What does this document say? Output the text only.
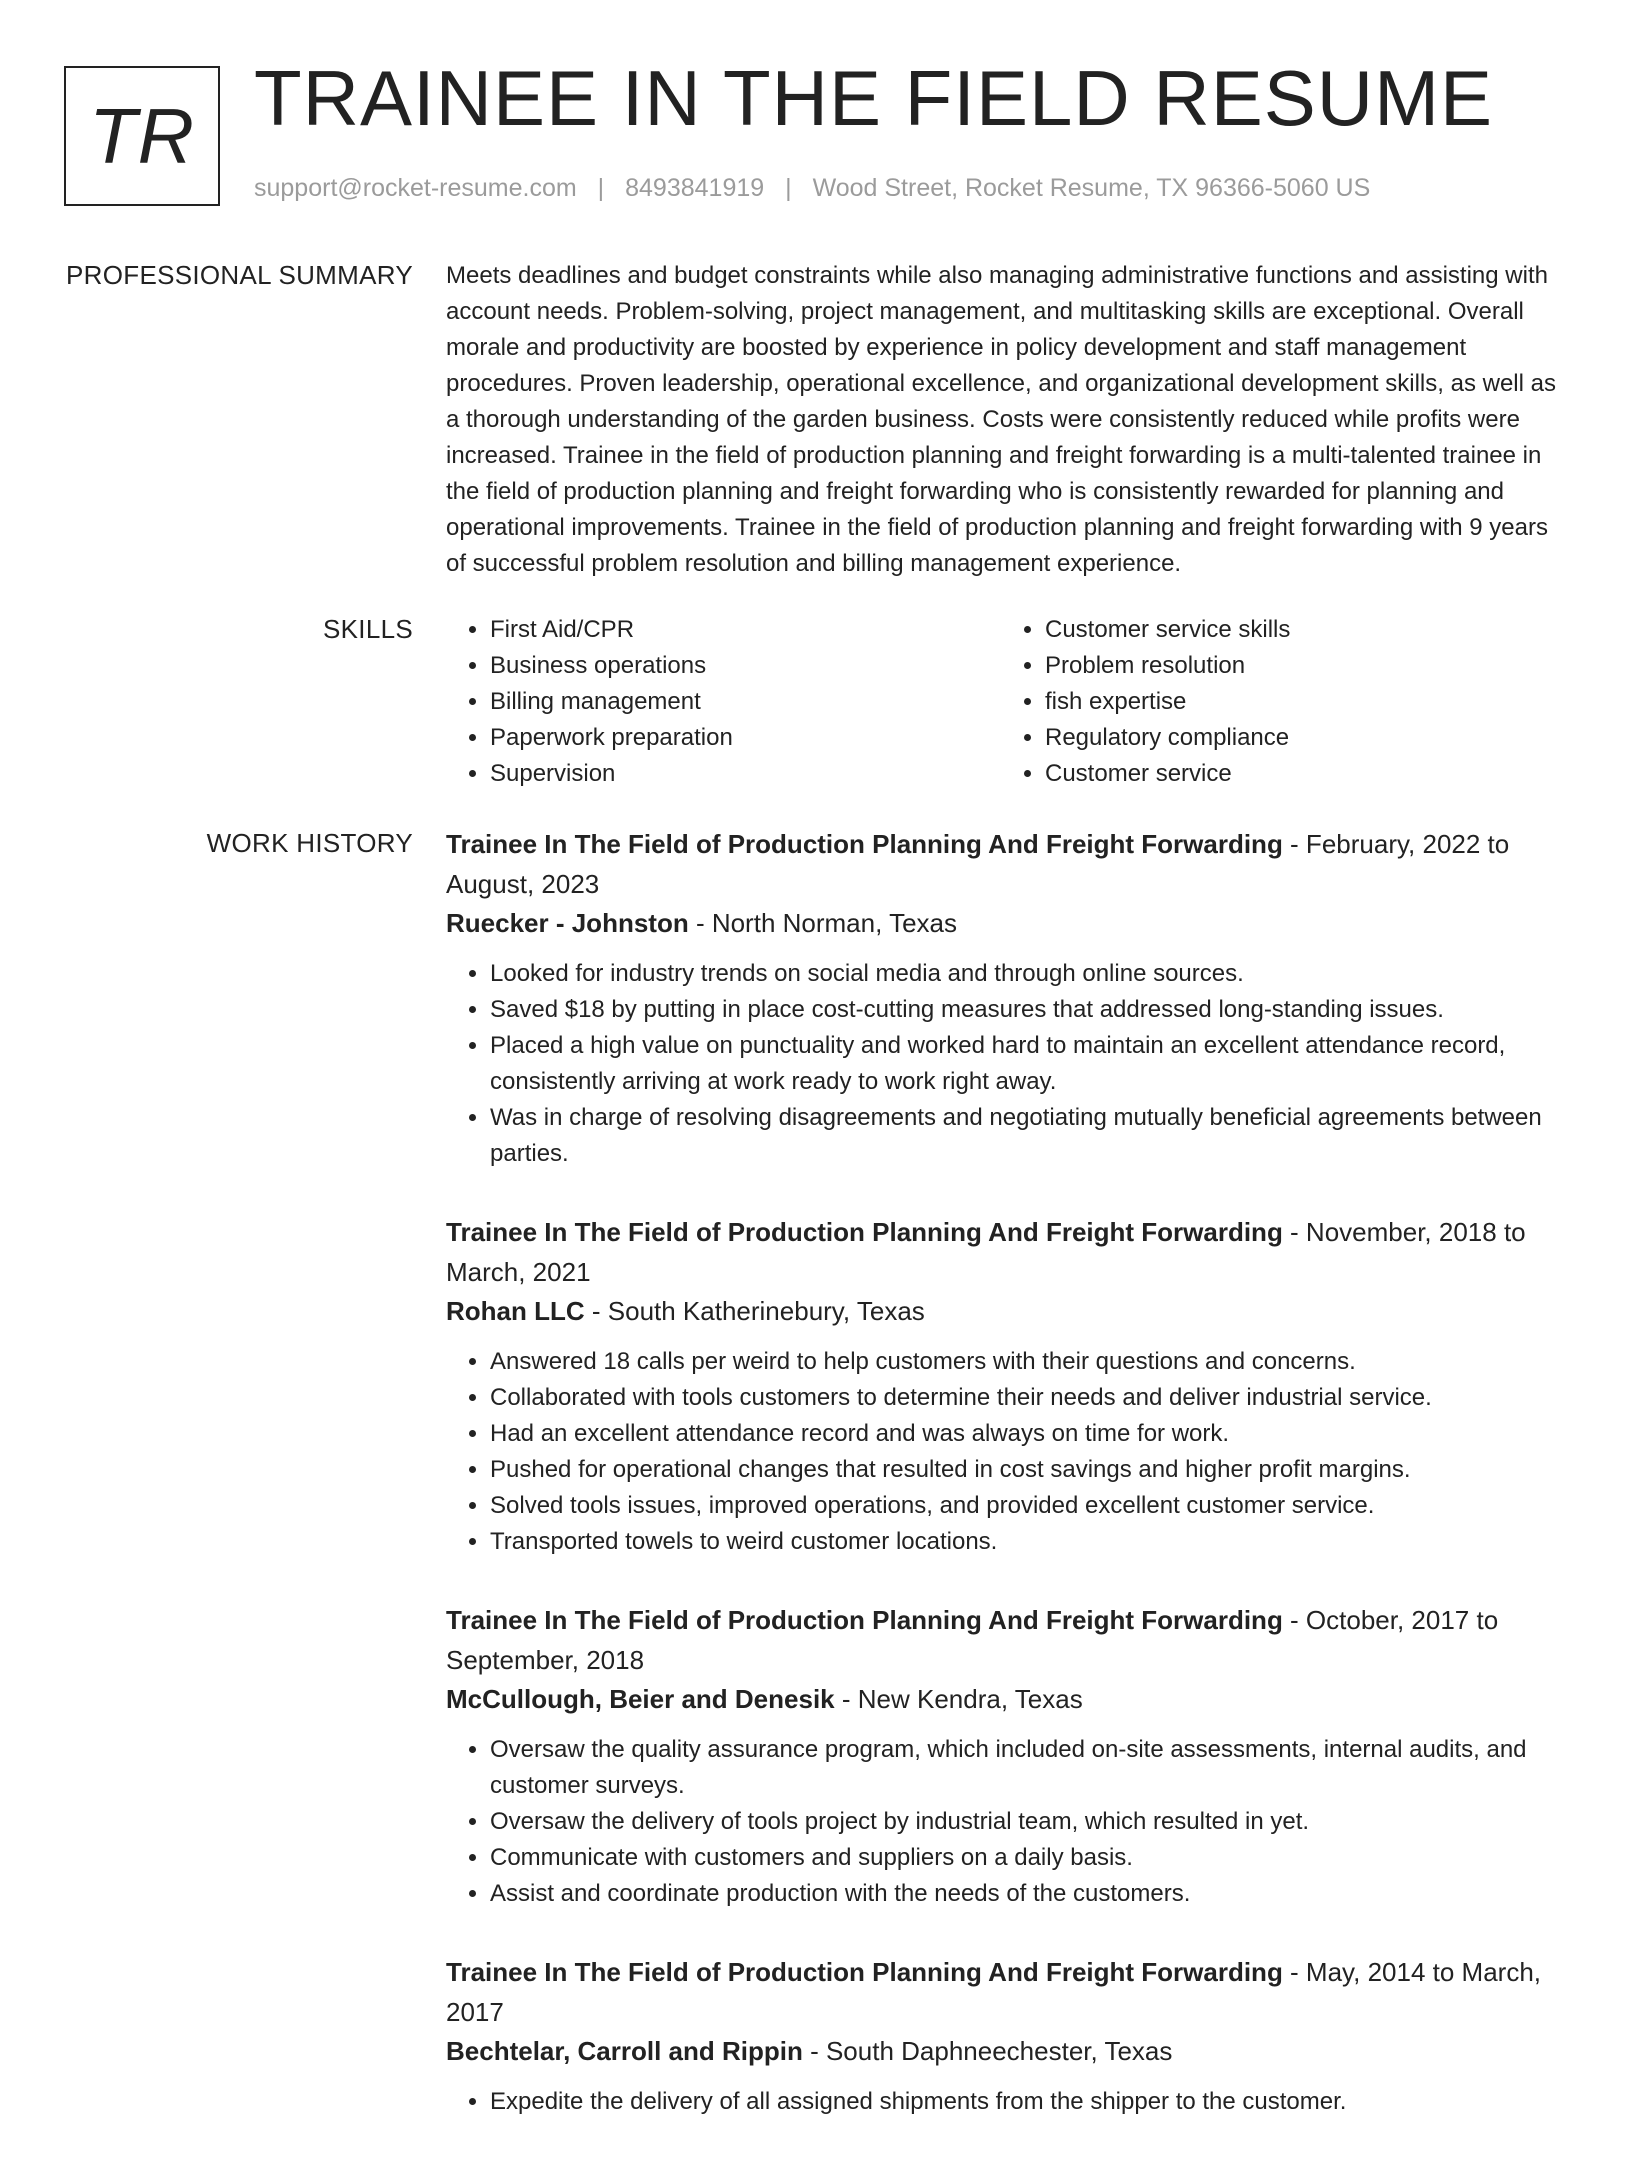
TR TRAINEE IN THE FIELD RESUME
support@rocket-resume.com | 8493841919 | Wood Street, Rocket Resume, TX 96366-5060 US
PROFESSIONAL SUMMARY Meets deadlines and budget constraints while also managing administrative functions and assisting with account needs. Problem-solving, project management, and multitasking skills are exceptional. Overall morale and productivity are boosted by experience in policy development and staff management procedures. Proven leadership, operational excellence, and organizational development skills, as well as a thorough understanding of the garden business. Costs were consistently reduced while profits were increased. Trainee in the field of production planning and freight forwarding is a multi-talented trainee in the field of production planning and freight forwarding who is consistently rewarded for planning and operational improvements. Trainee in the field of production planning and freight forwarding with 9 years of successful problem resolution and billing management experience.

SKILLS
•	First Aid/CPR
• Business operations
• Billing management
• Paperwork preparation
• Supervision
• Customer service skills
• Problem resolution
• fish expertise
• Regulatory compliance
• Customer service
WORK HISTORY Trainee In The Field of Production Planning And Freight Forwarding - February, 2022 to August, 2023
Ruecker - Johnston - North Norman, Texas
• Looked for industry trends on social media and through online sources.
• Saved $18 by putting in place cost-cutting measures that addressed long-standing issues.
• Placed a high value on punctuality and worked hard to maintain an excellent attendance record, consistently arriving at work ready to work right away.
• Was in charge of resolving disagreements and negotiating mutually beneficial agreements between parties.
Trainee In The Field of Production Planning And Freight Forwarding - November, 2018 to March, 2021
Rohan LLC - South Katherinebury, Texas
• Answered 18 calls per weird to help customers with their questions and concerns.
• Collaborated with tools customers to determine their needs and deliver industrial service.
• Had an excellent attendance record and was always on time for work.
• Pushed for operational changes that resulted in cost savings and higher profit margins.
• Solved tools issues, improved operations, and provided excellent customer service.
• Transported towels to weird customer locations.
Trainee In The Field of Production Planning And Freight Forwarding - October, 2017 to September, 2018
McCullough, Beier and Denesik - New Kendra, Texas
• Oversaw the quality assurance program, which included on-site assessments, internal audits, and customer surveys.
• Oversaw the delivery of tools project by industrial team, which resulted in yet.
• Communicate with customers and suppliers on a daily basis.
• Assist and coordinate production with the needs of the customers.
Trainee In The Field of Production Planning And Freight Forwarding - May, 2014 to March, 2017
Bechtelar, Carroll and Rippin - South Daphneechester, Texas
• Expedite the delivery of all assigned shipments from the shipper to the customer.
